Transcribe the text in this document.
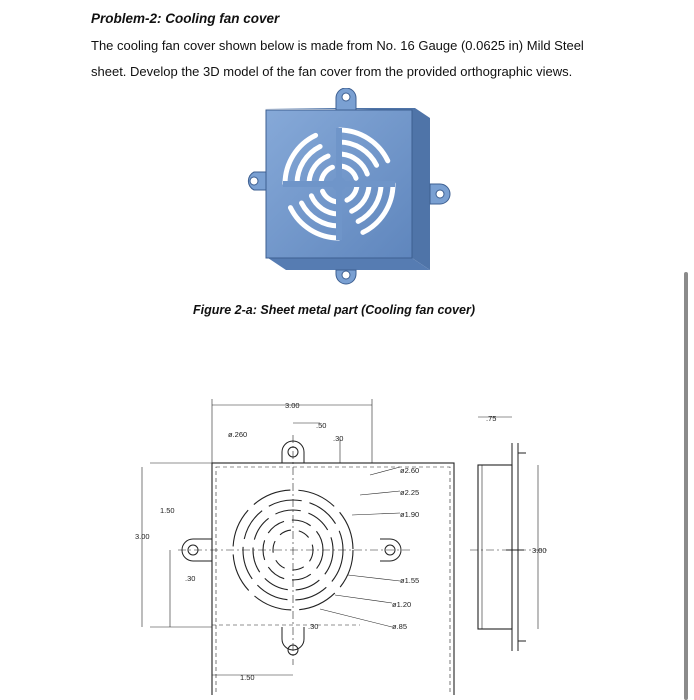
Problem-2: Cooling fan cover
The cooling fan cover shown below is made from No. 16 Gauge (0.0625 in) Mild Steel
sheet. Develop the 3D model of the fan cover from the provided orthographic views.
Figure 2-a: Sheet metal part (Cooling fan cover)
3.00
ø.260
.50
.30
1.50
3.00
.30
.30
1.50
ø2.60
ø2.25
ø1.90
ø1.55
ø1.20
ø.85
.75
3.00
